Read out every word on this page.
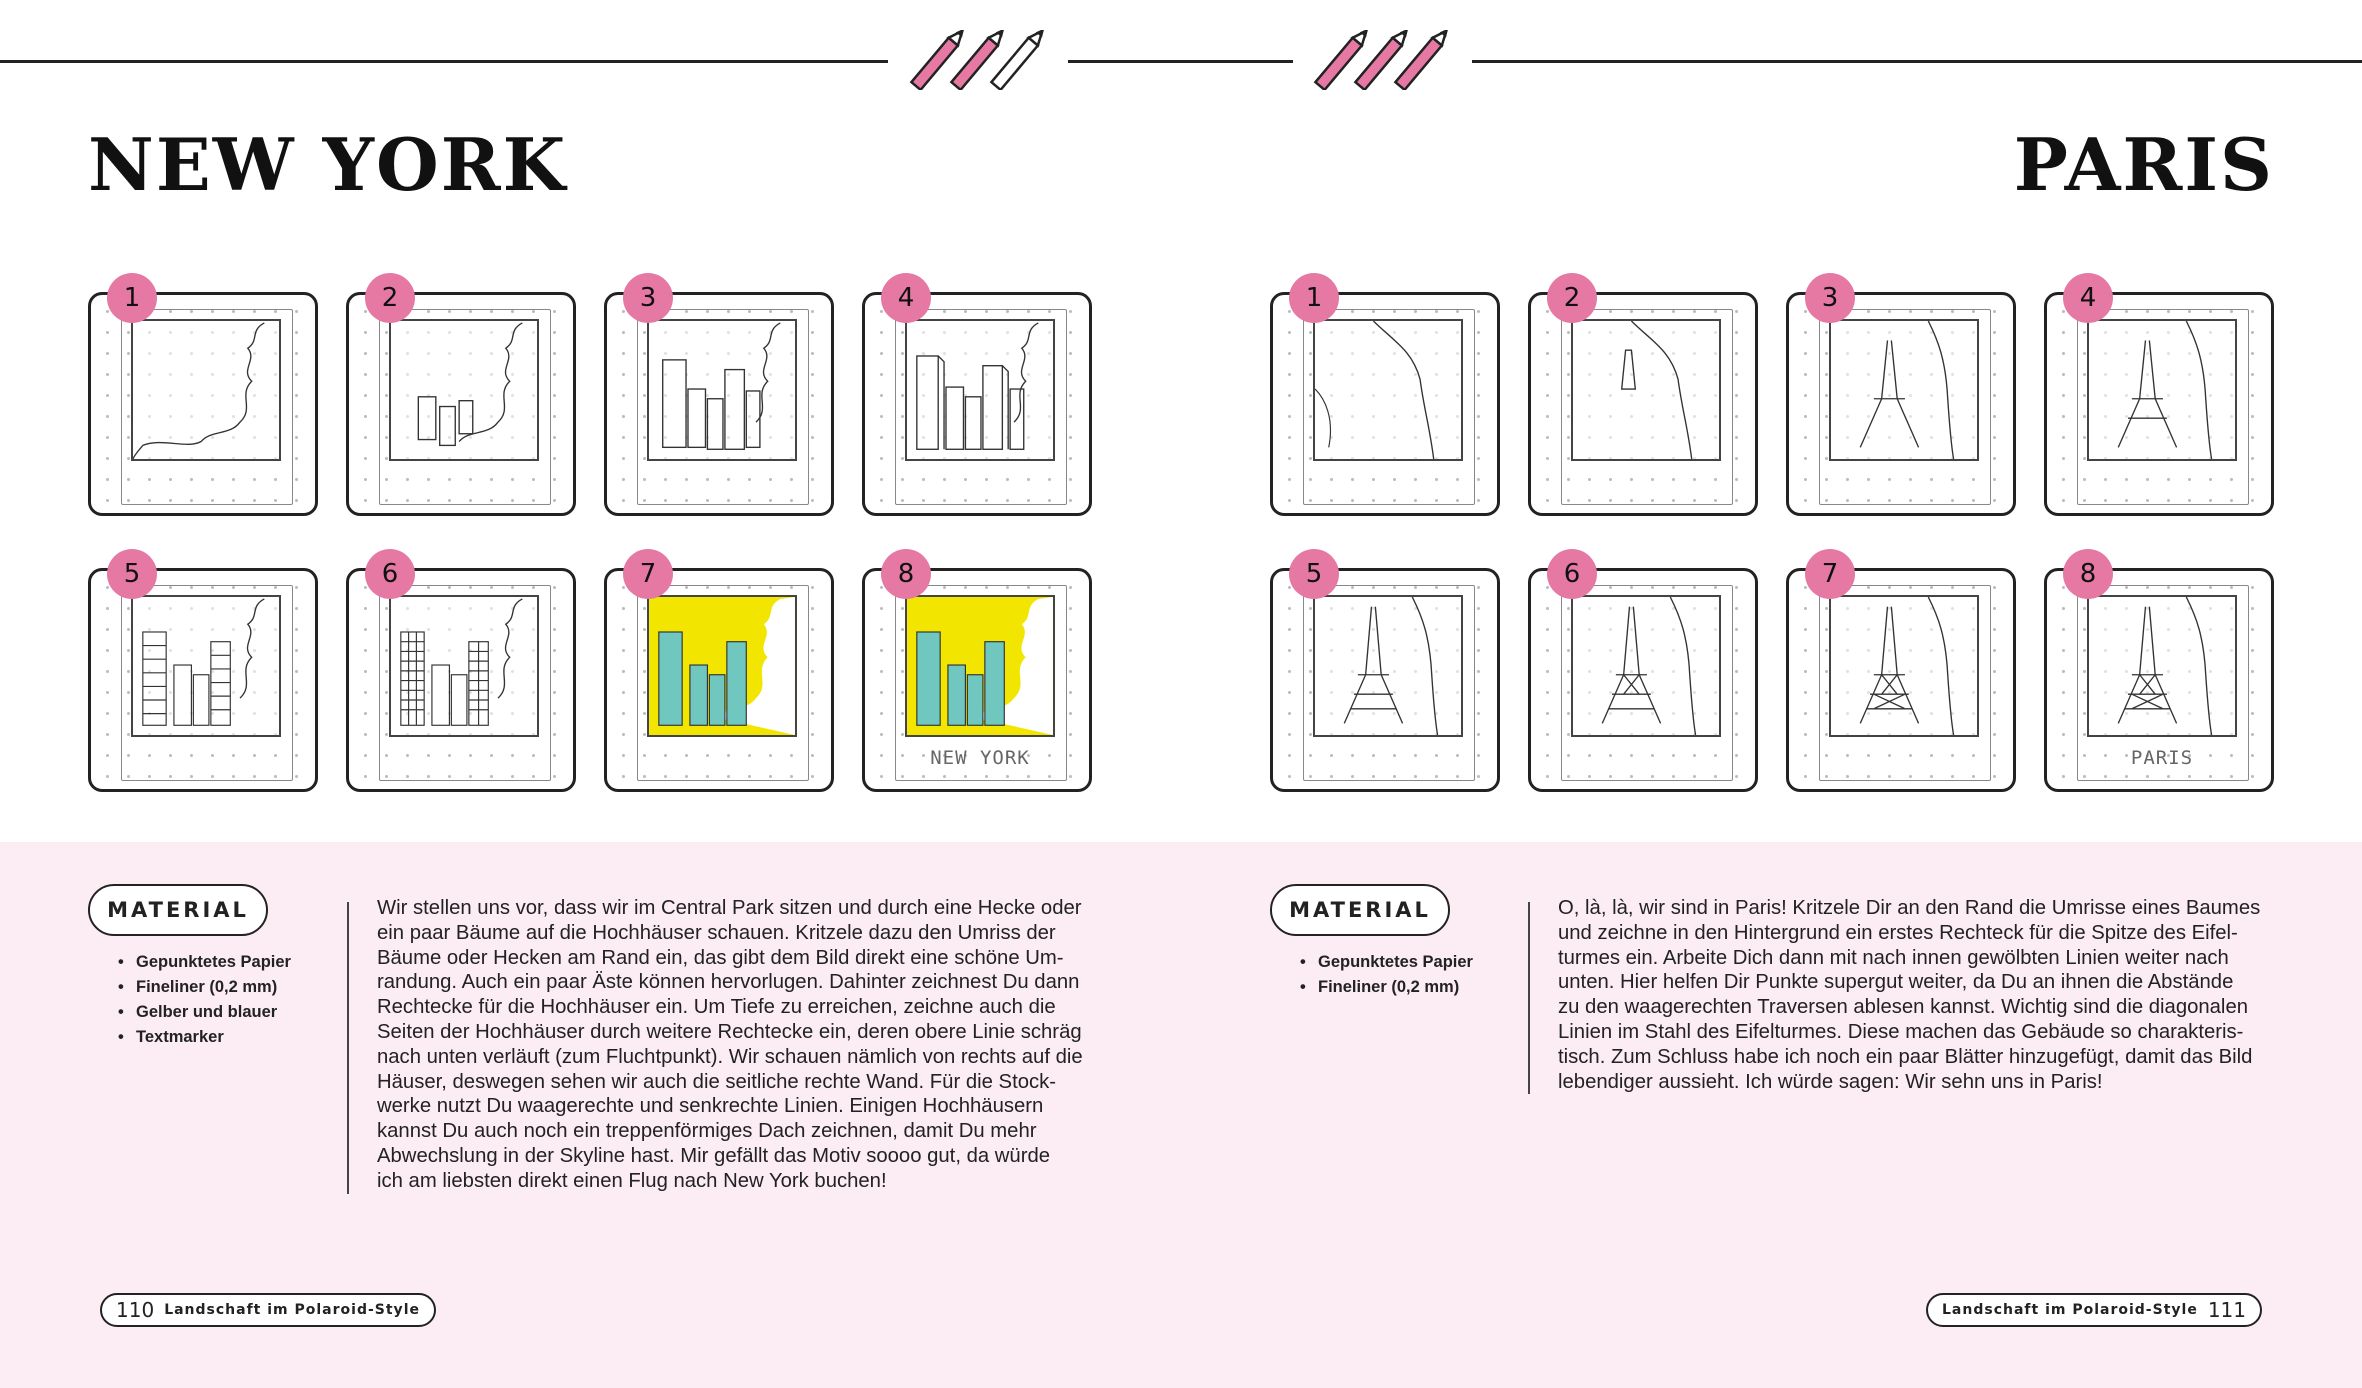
NEW YORK	PARIS
1	2	3	4
5	6	7	8
NEW YORK
1	2	3	4
5	6	7	8
PARIS
MATERIAL
• Gepunktetes Papier
• Fineliner (0,2 mm)
• Gelber und blauer
• Textmarker

Wir stellen uns vor, dass wir im Central Park sitzen und durch eine Hecke oder

ein paar Bäume auf die Hochhäuser schauen. Kritzele dazu den Umriss der

Bäume oder Hecken am Rand ein, das gibt dem Bild direkt eine schöne Um-

randung. Auch ein paar Äste können hervorlugen. Dahinter zeichnest Du dann

Rechtecke für die Hochhäuser ein. Um Tiefe zu erreichen, zeichne auch die

Seiten der Hochhäuser durch weitere Rechtecke ein, deren obere Linie schräg

nach unten verläuft (zum Fluchtpunkt). Wir schauen nämlich von rechts auf die

Häuser, deswegen sehen wir auch die seitliche rechte Wand. Für die Stock-

werke nutzt Du waagerechte und senkrechte Linien. Einigen Hochhäusern

kannst Du auch noch ein treppenförmiges Dach zeichnen, damit Du mehr

Abwechslung in der Skyline hast. Mir gefällt das Motiv soooo gut, da würde

ich am liebsten direkt einen Flug nach New York buchen!

MATERIAL
• Gepunktetes Papier
• Fineliner (0,2 mm)

O, là, là, wir sind in Paris! Kritzele Dir an den Rand die Umrisse eines Baumes

und zeichne in den Hintergrund ein erstes Rechteck für die Spitze des Eifel-

turmes ein. Arbeite Dich dann mit nach innen gewölbten Linien weiter nach

unten. Hier helfen Dir Punkte supergut weiter, da Du an ihnen die Abstände

zu den waagerechten Traversen ablesen kannst. Wichtig sind die diagonalen

Linien im Stahl des Eifelturmes. Diese machen das Gebäude so charakteris-

tisch. Zum Schluss habe ich noch ein paar Blätter hinzugefügt, damit das Bild

lebendiger aussieht. Ich würde sagen: Wir sehn uns in Paris!

110 Landschaft im Polaroid-Style	Landschaft im Polaroid-Style 111
